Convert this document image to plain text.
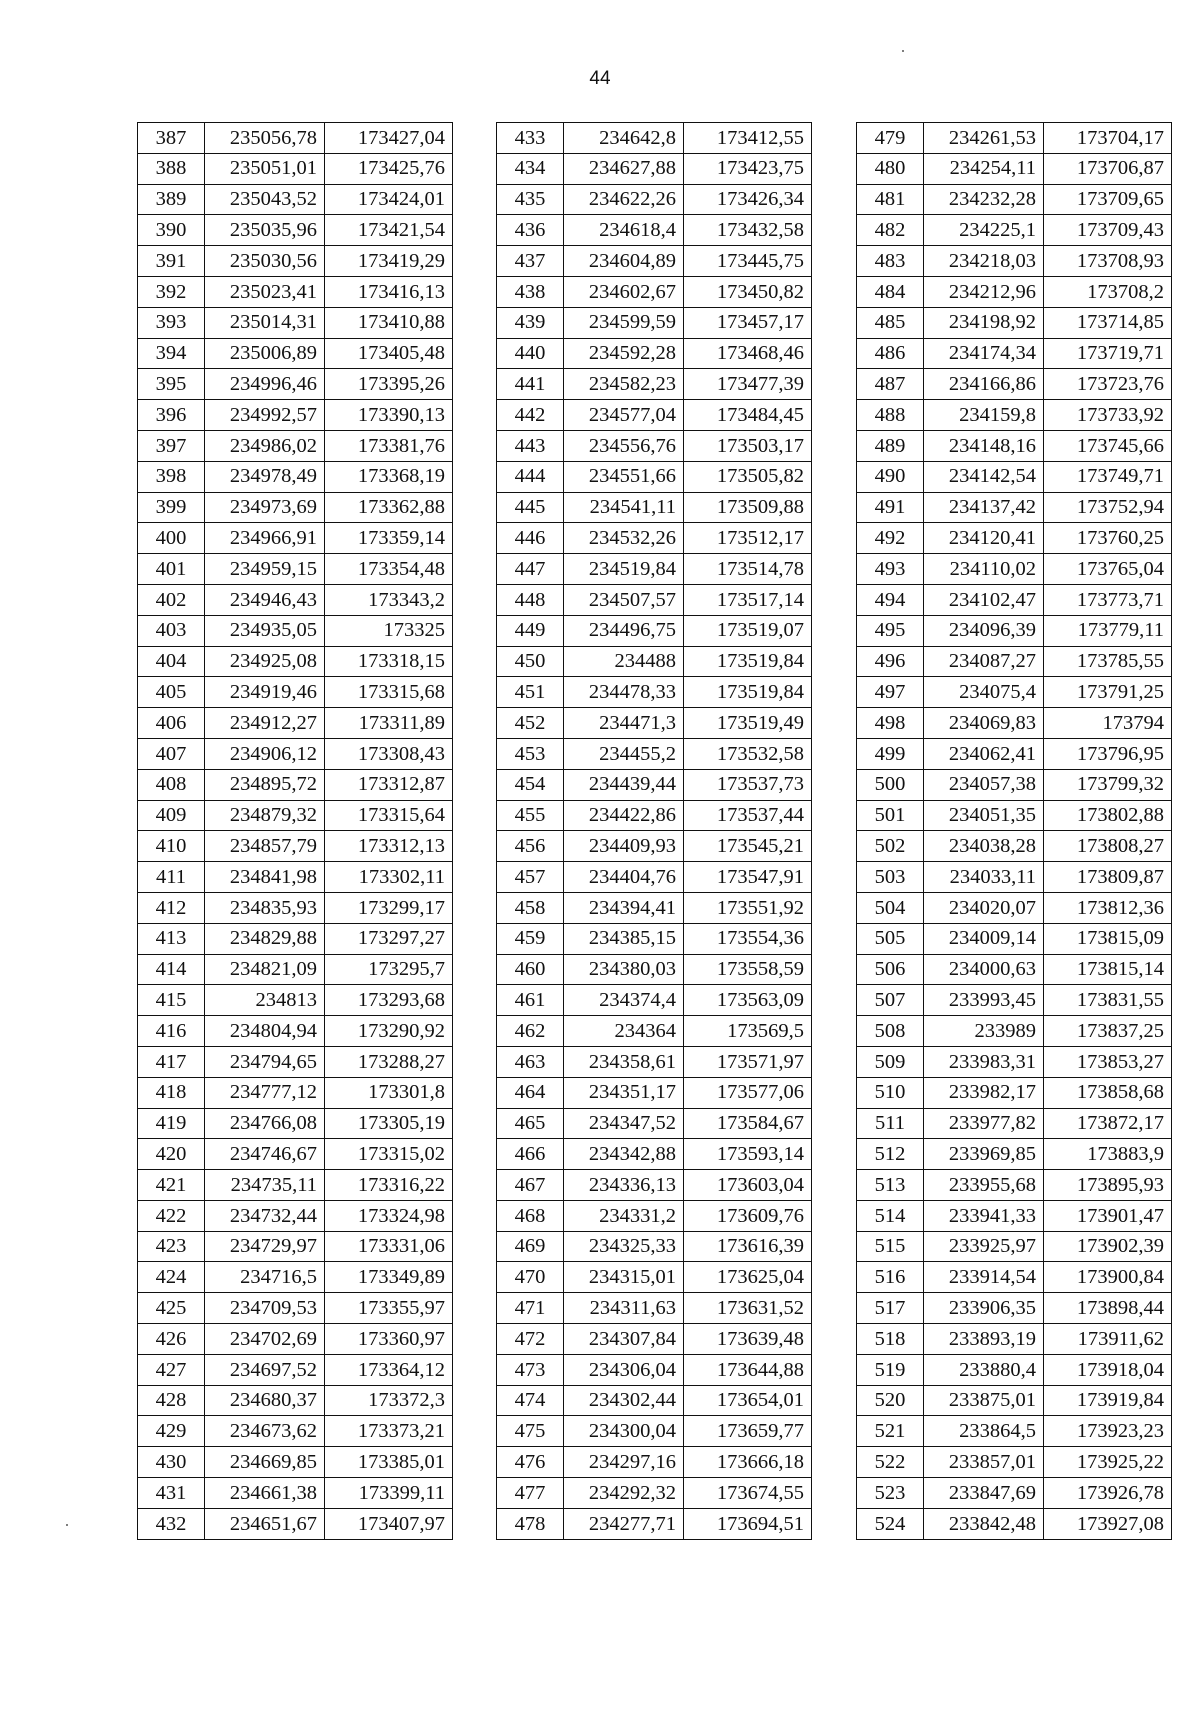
44
387	235056,78	173427,04
388	235051,01	173425,76
389	235043,52	173424,01
390	235035,96	173421,54
391	235030,56	173419,29
392	235023,41	173416,13
393	235014,31	173410,88
394	235006,89	173405,48
395	234996,46	173395,26
396	234992,57	173390,13
397	234986,02	173381,76
398	234978,49	173368,19
399	234973,69	173362,88
400	234966,91	173359,14
401	234959,15	173354,48
402	234946,43	173343,2
403	234935,05	173325
404	234925,08	173318,15
405	234919,46	173315,68
406	234912,27	173311,89
407	234906,12	173308,43
408	234895,72	173312,87
409	234879,32	173315,64
410	234857,79	173312,13
411	234841,98	173302,11
412	234835,93	173299,17
413	234829,88	173297,27
414	234821,09	173295,7
415	234813	173293,68
416	234804,94	173290,92
417	234794,65	173288,27
418	234777,12	173301,8
419	234766,08	173305,19
420	234746,67	173315,02
421	234735,11	173316,22
422	234732,44	173324,98
423	234729,97	173331,06
424	234716,5	173349,89
425	234709,53	173355,97
426	234702,69	173360,97
427	234697,52	173364,12
428	234680,37	173372,3
429	234673,62	173373,21
430	234669,85	173385,01
431	234661,38	173399,11
432	234651,67	173407,97
433	234642,8	173412,55
434	234627,88	173423,75
435	234622,26	173426,34
436	234618,4	173432,58
437	234604,89	173445,75
438	234602,67	173450,82
439	234599,59	173457,17
440	234592,28	173468,46
441	234582,23	173477,39
442	234577,04	173484,45
443	234556,76	173503,17
444	234551,66	173505,82
445	234541,11	173509,88
446	234532,26	173512,17
447	234519,84	173514,78
448	234507,57	173517,14
449	234496,75	173519,07
450	234488	173519,84
451	234478,33	173519,84
452	234471,3	173519,49
453	234455,2	173532,58
454	234439,44	173537,73
455	234422,86	173537,44
456	234409,93	173545,21
457	234404,76	173547,91
458	234394,41	173551,92
459	234385,15	173554,36
460	234380,03	173558,59
461	234374,4	173563,09
462	234364	173569,5
463	234358,61	173571,97
464	234351,17	173577,06
465	234347,52	173584,67
466	234342,88	173593,14
467	234336,13	173603,04
468	234331,2	173609,76
469	234325,33	173616,39
470	234315,01	173625,04
471	234311,63	173631,52
472	234307,84	173639,48
473	234306,04	173644,88
474	234302,44	173654,01
475	234300,04	173659,77
476	234297,16	173666,18
477	234292,32	173674,55
478	234277,71	173694,51
479	234261,53	173704,17
480	234254,11	173706,87
481	234232,28	173709,65
482	234225,1	173709,43
483	234218,03	173708,93
484	234212,96	173708,2
485	234198,92	173714,85
486	234174,34	173719,71
487	234166,86	173723,76
488	234159,8	173733,92
489	234148,16	173745,66
490	234142,54	173749,71
491	234137,42	173752,94
492	234120,41	173760,25
493	234110,02	173765,04
494	234102,47	173773,71
495	234096,39	173779,11
496	234087,27	173785,55
497	234075,4	173791,25
498	234069,83	173794
499	234062,41	173796,95
500	234057,38	173799,32
501	234051,35	173802,88
502	234038,28	173808,27
503	234033,11	173809,87
504	234020,07	173812,36
505	234009,14	173815,09
506	234000,63	173815,14
507	233993,45	173831,55
508	233989	173837,25
509	233983,31	173853,27
510	233982,17	173858,68
511	233977,82	173872,17
512	233969,85	173883,9
513	233955,68	173895,93
514	233941,33	173901,47
515	233925,97	173902,39
516	233914,54	173900,84
517	233906,35	173898,44
518	233893,19	173911,62
519	233880,4	173918,04
520	233875,01	173919,84
521	233864,5	173923,23
522	233857,01	173925,22
523	233847,69	173926,78
524	233842,48	173927,08
